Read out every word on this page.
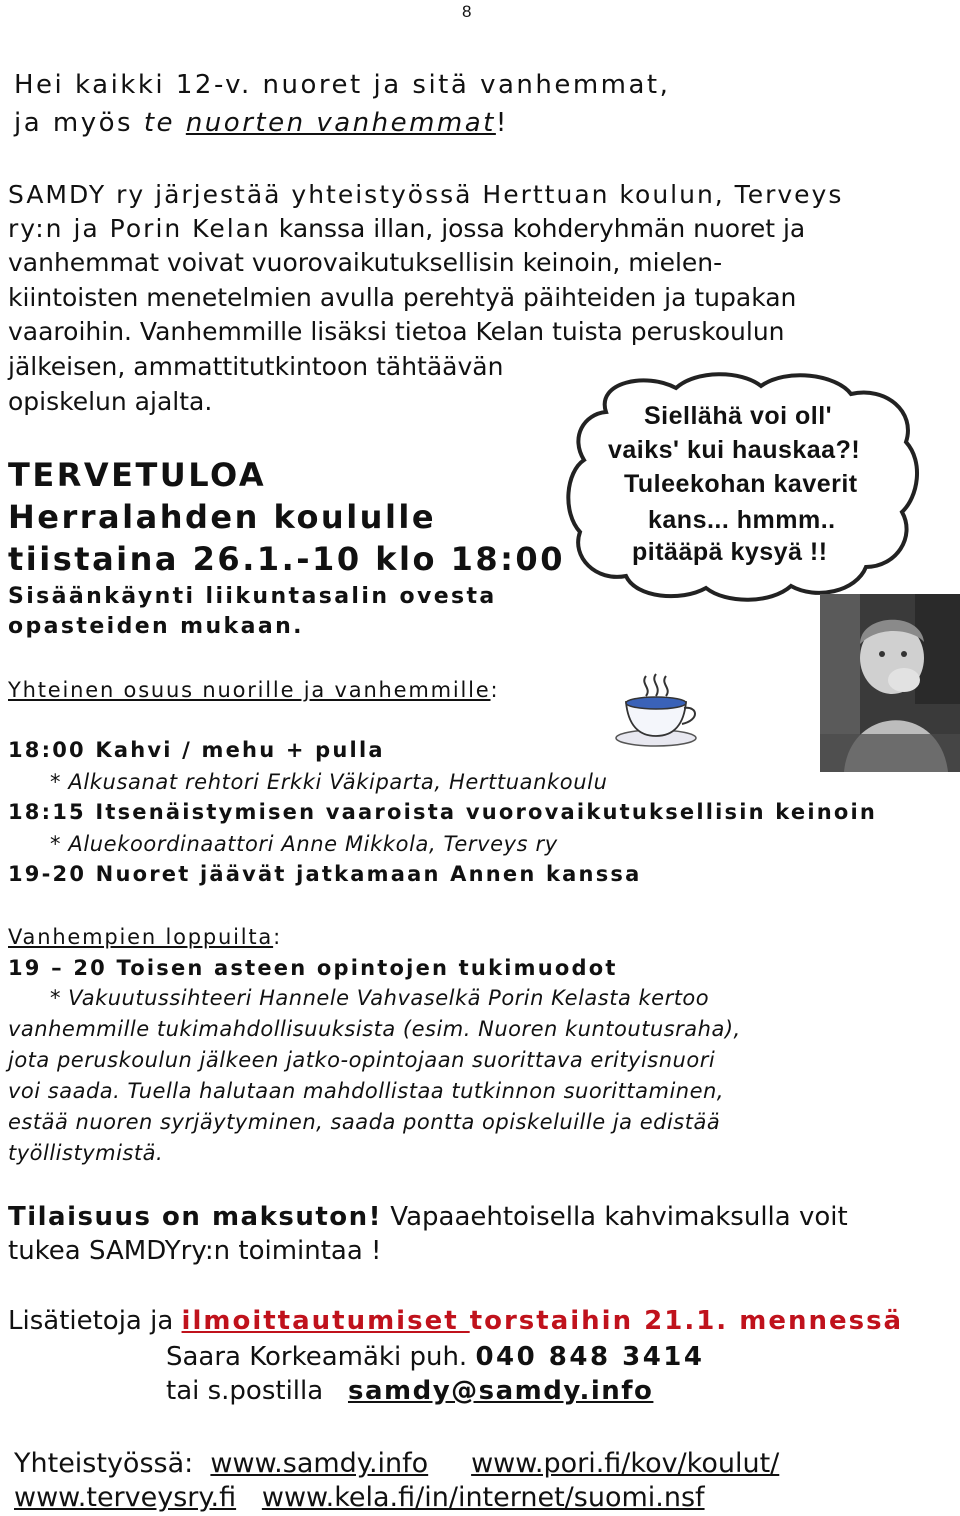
8
Hei kaikki 12-v. nuoret ja sitä vanhemmat,
ja myös te nuorten vanhemmat!
SAMDY ry järjestää yhteistyössä Herttuan koulun, Terveys
ry:n ja Porin Kelan kanssa illan, jossa kohderyhmän nuoret ja
vanhemmat voivat vuorovaikutuksellisin keinoin, mielen-
kiintoisten menetelmien avulla perehtyä päihteiden ja tupakan
vaaroihin. Vanhemmille lisäksi tietoa Kelan tuista peruskoulun
jälkeisen, ammattitutkintoon tähtäävän
opiskelun ajalta.	Siellähä voi oll'
vaiks' kui hauskaa?!
Tuleekohan kaverit
kans... hmmm..
pitääpä kysyä !!
TERVETULOA
Herralahden koululle
tiistaina 26.1.-10 klo 18:00
Sisäänkäynti liikuntasalin ovesta
opasteiden mukaan.
Yhteinen osuus nuorille ja vanhemmille:
18:00 Kahvi / mehu + pulla
* Alkusanat rehtori Erkki Väkiparta, Herttuankoulu
18:15 Itsenäistymisen vaaroista vuorovaikutuksellisin keinoin
* Aluekoordinaattori Anne Mikkola, Terveys ry
19-20 Nuoret jäävät jatkamaan Annen kanssa
Vanhempien loppuilta:
19 – 20 Toisen asteen opintojen tukimuodot
* Vakuutussihteeri Hannele Vahvaselkä Porin Kelasta kertoo
vanhemmille tukimahdollisuuksista (esim. Nuoren kuntoutusraha),
jota peruskoulun jälkeen jatko-opintojaan suorittava erityisnuori
voi saada. Tuella halutaan mahdollistaa tutkinnon suorittaminen,
estää nuoren syrjäytyminen, saada pontta opiskeluille ja edistää
työllistymistä.
Tilaisuus on maksuton! Vapaaehtoisella kahvimaksulla voit
tukea SAMDYry:n toimintaa !
Lisätietoja ja ilmoittautumiset torstaihin 21.1. mennessä
Saara Korkeamäki puh. 040 848 3414
tai s.postilla samdy@samdy.info
Yhteistyössä: www.samdy.info www.pori.fi/kov/koulut/
www.terveysry.fi www.kela.fi/in/internet/suomi.nsf
